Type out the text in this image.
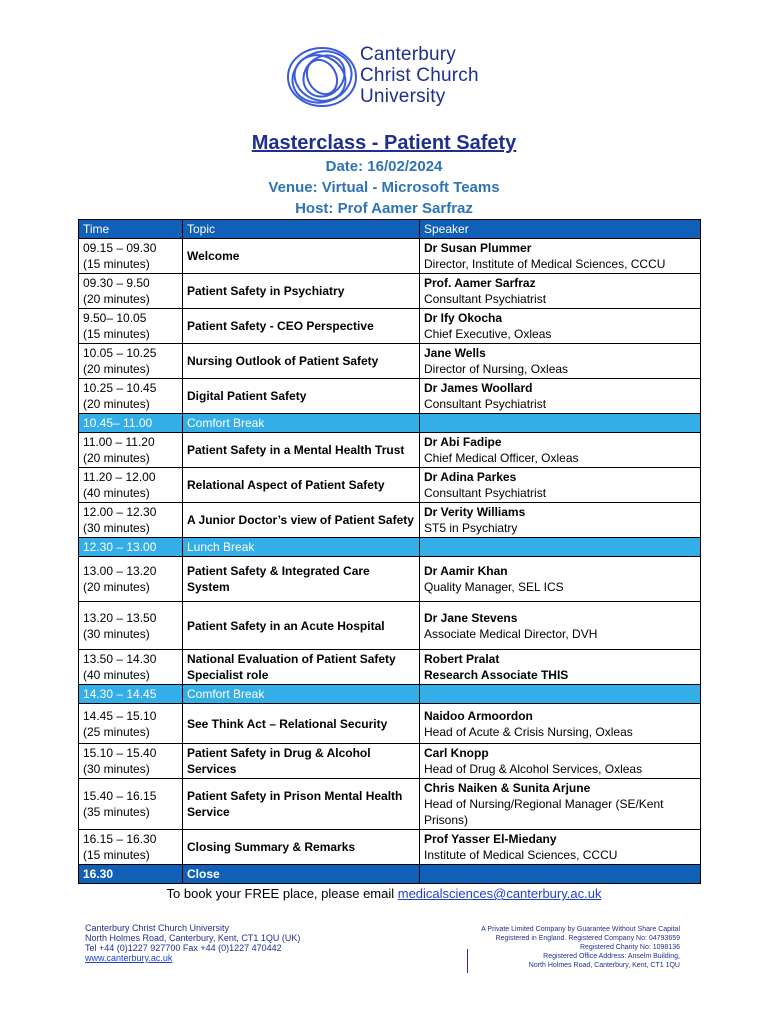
Canterbury
Christ Church
University
Masterclass - Patient Safety
Date: 16/02/2024
Venue: Virtual - Microsoft Teams
Host: Prof Aamer Sarfraz
Time	Topic	Speaker

09.15 – 09.30
(15 minutes)	Welcome	Dr Susan Plummer
Director, Institute of Medical Sciences, CCCU

09.30 – 9.50
(20 minutes)	Patient Safety in Psychiatry	Prof. Aamer Sarfraz
Consultant Psychiatrist

9.50– 10.05
(15 minutes)	Patient Safety - CEO Perspective	Dr Ify Okocha
Chief Executive, Oxleas

10.05 – 10.25
(20 minutes)	Nursing Outlook of Patient Safety	Jane Wells
Director of Nursing, Oxleas

10.25 – 10.45
(20 minutes)	Digital Patient Safety	Dr James Woollard
Consultant Psychiatrist

10.45– 11.00	Comfort Break	

11.00 – 11.20
(20 minutes)	Patient Safety in a Mental Health Trust	Dr Abi Fadipe
Chief Medical Officer, Oxleas

11.20 – 12.00
(40 minutes)	Relational Aspect of Patient Safety	Dr Adina Parkes
Consultant Psychiatrist

12.00 – 12.30
(30 minutes)	A Junior Doctor’s view of Patient Safety	Dr Verity Williams
ST5 in Psychiatry

12.30 – 13.00	Lunch Break	

13.00 – 13.20
(20 minutes)	Patient Safety & Integrated Care System	Dr Aamir Khan
Quality Manager, SEL ICS

13.20 – 13.50
(30 minutes)	Patient Safety in an Acute Hospital	Dr Jane Stevens
Associate Medical Director, DVH

13.50 – 14.30
(40 minutes)	National Evaluation of Patient Safety Specialist role	Robert Pralat
Research Associate THIS

14.30 – 14.45	Comfort Break	

14.45 – 15.10
(25 minutes)	See Think Act – Relational Security	Naidoo Armoordon
Head of Acute & Crisis Nursing, Oxleas

15.10 – 15.40
(30 minutes)	Patient Safety in Drug & Alcohol Services	Carl Knopp
Head of Drug & Alcohol Services, Oxleas

15.40 – 16.15
(35 minutes)	Patient Safety in Prison Mental Health Service	Chris Naiken & Sunita Arjune
Head of Nursing/Regional Manager (SE/Kent Prisons)

16.15 – 16.30
(15 minutes)	Closing Summary & Remarks	Prof Yasser El-Miedany
Institute of Medical Sciences, CCCU

16.30	Close	
To book your FREE place, please email medicalsciences@canterbury.ac.uk
Canterbury Christ Church University
North Holmes Road, Canterbury, Kent, CT1 1QU (UK)
Tel +44 (0)1227 927700 Fax +44 (0)1227 470442
www.canterbury.ac.uk
A Private Limited Company by Guarantee Without Share Capital
Registered in England. Registered Company No: 04793659
Registered Charity No: 1098136
Registered Office Address: Anselm Building,
North Holmes Road, Canterbury, Kent, CT1 1QU
